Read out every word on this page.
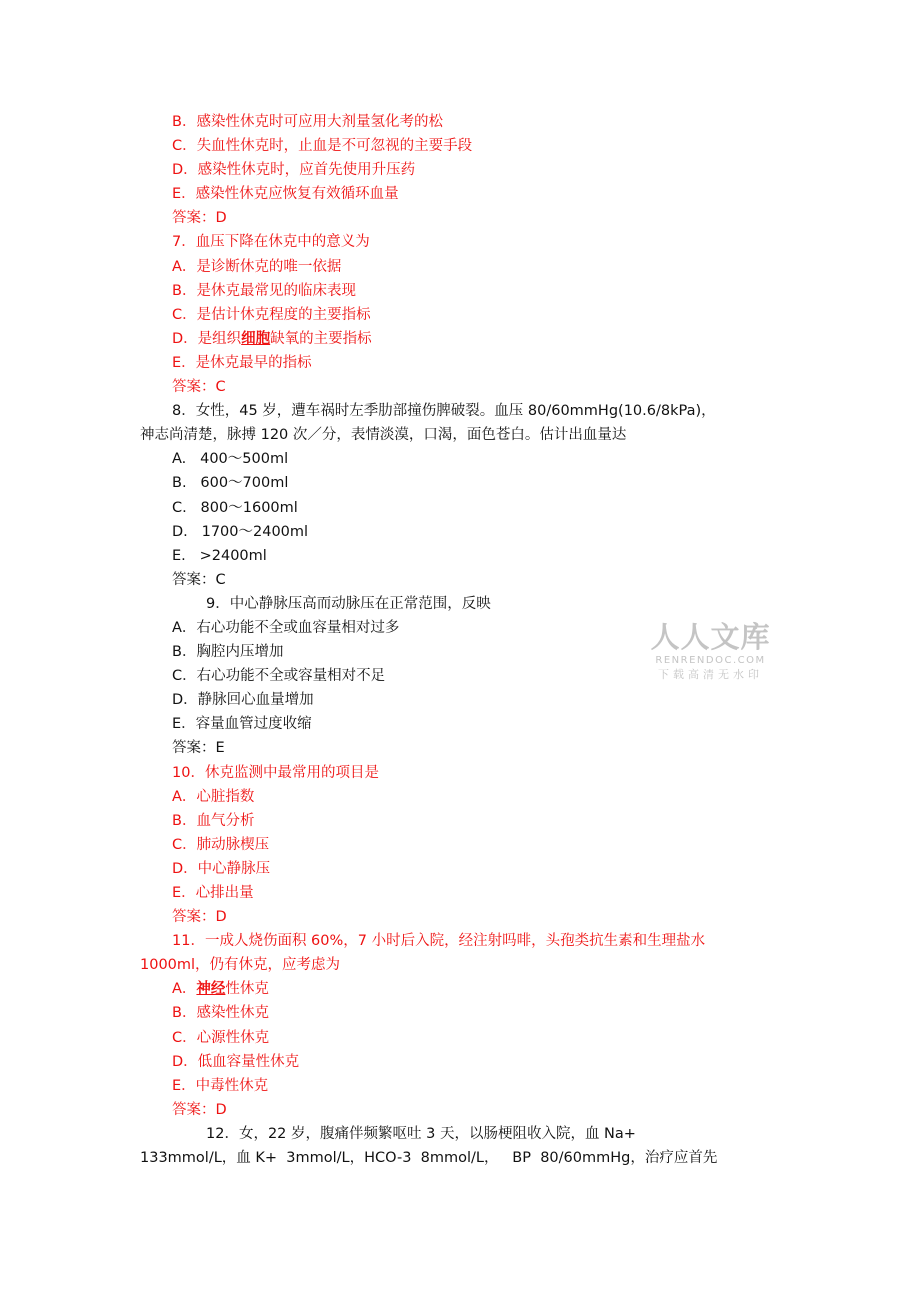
B．感染性休克时可应用大剂量氢化考的松
C．失血性休克时，止血是不可忽视的主要手段
D．感染性休克时，应首先使用升压药
E．感染性休克应恢复有效循环血量
答案：D
7．血压下降在休克中的意义为
A．是诊断休克的唯一依据
B．是休克最常见的临床表现
C．是估计休克程度的主要指标
D．是组织细胞缺氧的主要指标
E．是休克最早的指标
答案：C
8．女性，45 岁，遭车祸时左季肋部撞伤脾破裂。血压 80/60mmHg(10.6/8kPa)，
神志尚清楚，脉搏 120 次／分，表情淡漠，口渴，面色苍白。估计出血量达
A.   400～500ml
B.   600～700ml
C.   800～1600ml
D.   1700～2400ml
E.   >2400ml
答案：C
9．中心静脉压高而动脉压在正常范围，反映
A．右心功能不全或血容量相对过多
B．胸腔内压增加
C．右心功能不全或容量相对不足
D．静脉回心血量增加
E．容量血管过度收缩
答案：E
10．休克监测中最常用的项目是
A．心脏指数
B．血气分析
C．肺动脉楔压
D．中心静脉压
E．心排出量
答案：D
11．一成人烧伤面积 60%，7 小时后入院，经注射吗啡，头孢类抗生素和生理盐水
1000ml，仍有休克，应考虑为
A．神经性休克
B．感染性休克
C．心源性休克
D．低血容量性休克
E．中毒性休克
答案：D
12．女，22 岁，腹痛伴频繁呕吐 3 天，以肠梗阻收入院，血 Na+
133mmol/L，血 K+  3mmol/L，HCO-3  8mmol/L，   BP  80/60mmHg，治疗应首先
人人文库
RENRENDOC.COM
下载高清无水印
